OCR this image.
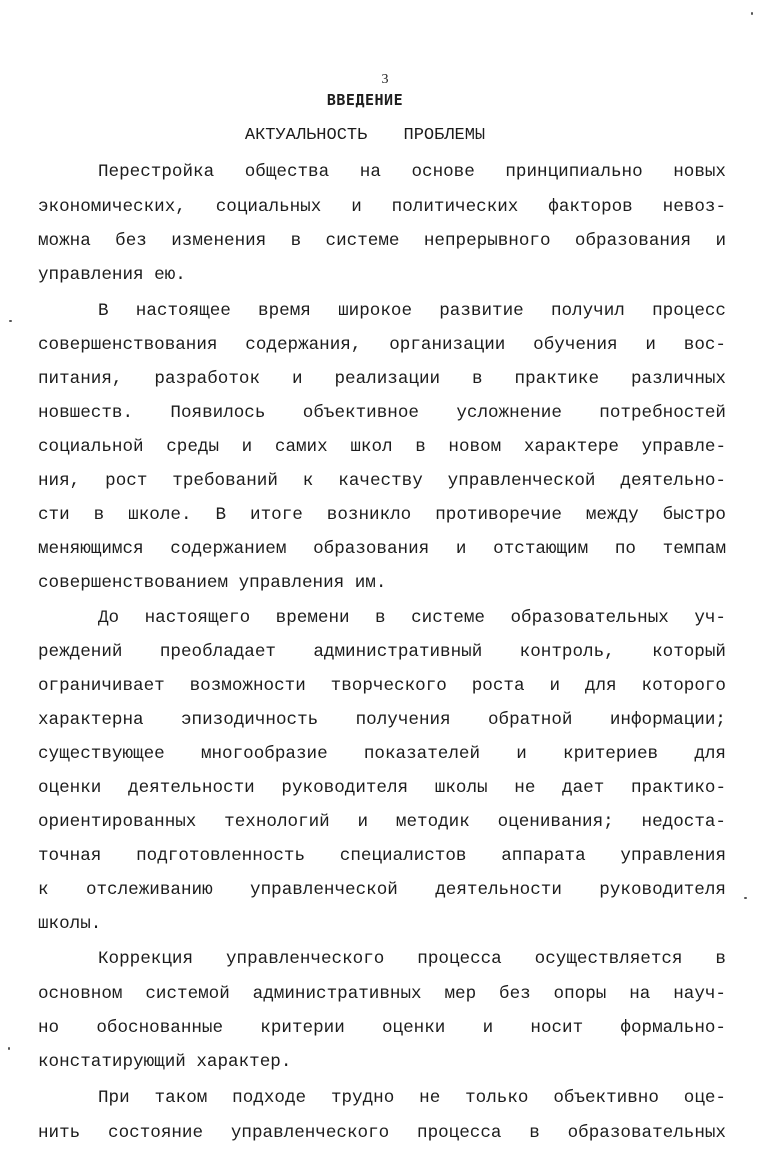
3
ВВЕДЕНИЕ
АКТУАЛЬНОСТЬ ПРОБЛЕМЫ
Перестройка общества на основе принципиально новых
экономических, социальных и политических факторов невоз-
можна без изменения в системе непрерывного образования и
управления ею.
В настоящее время широкое развитие получил процесс
совершенствования содержания, организации обучения и вос-
питания, разработок и реализации в практике различных
новшеств. Появилось объективное усложнение потребностей
социальной среды и самих школ в новом характере управле-
ния, рост требований к качеству управленческой деятельно-
сти в школе. В итоге возникло противоречие между быстро
меняющимся содержанием образования и отстающим по темпам
совершенствованием управления им.
До настоящего времени в системе образовательных уч-
реждений преобладает административный контроль, который
ограничивает возможности творческого роста и для которого
характерна эпизодичность получения обратной информации;
существующее многообразие показателей и критериев для
оценки деятельности руководителя школы не дает практико-
ориентированных технологий и методик оценивания; недоста-
точная подготовленность специалистов аппарата управления
к отслеживанию управленческой деятельности руководителя
школы.
Коррекция управленческого процесса осуществляется в
основном системой административных мер без опоры на науч-
но обоснованные критерии оценки и носит формально-
констатирующий характер.
При таком подходе трудно не только объективно оце-
нить состояние управленческого процесса в образовательных
